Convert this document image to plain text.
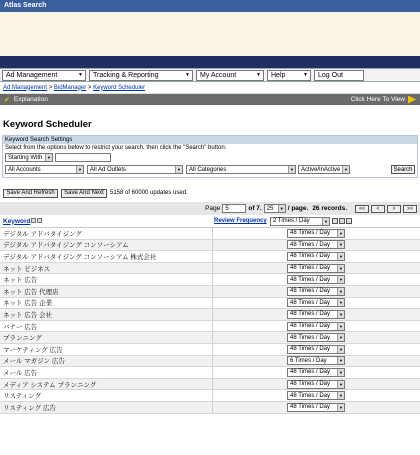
Atlas Search
Ad Management	▼ Tracking & Reporting	▼ My Account	▼ Help	▼ Log Out
Ad Management > BidManager > Keyword Scheduler
✔ Explanation	Click Here To View
Keyword Scheduler
Keyword Search Settings
Select from the options below to restrict your search, then click the "Search" button:
Starting With	▼
All Accounts	▼ All Ad Outlets	▼ All Categories	▼ Active/InActive ▼	Search
Save And Refresh	Save And Next	5158 of 60000 updates used.
Page 5	of 7. 25	▼ / page. 26 records.	<<	<	>	>>
Keyword	Review Frequency 2 Times / Day	▼
デジタル アドバタイジング	48 Times / Day	▼
デジタル アドバタイジング コンソーシアム	48 Times / Day	▼
デジタル アドバタイジング コンソーシアム 株式会社	48 Times / Day	▼
ネット ビジネス	48 Times / Day	▼
ネット 広告	48 Times / Day	▼
ネット 広告 代理店	48 Times / Day	▼
ネット 広告 企業	48 Times / Day	▼
ネット 広告 会社	48 Times / Day	▼
バナー 広告	48 Times / Day	▼
プランニング	48 Times / Day	▼
マーケティング 広告	48 Times / Day	▼
メール マガジン 広告	6 Times / Day	▼
メール 広告	48 Times / Day	▼
メディア システム プランニング	48 Times / Day	▼
リスティング	48 Times / Day	▼
リスティング 広告	48 Times / Day	▼
